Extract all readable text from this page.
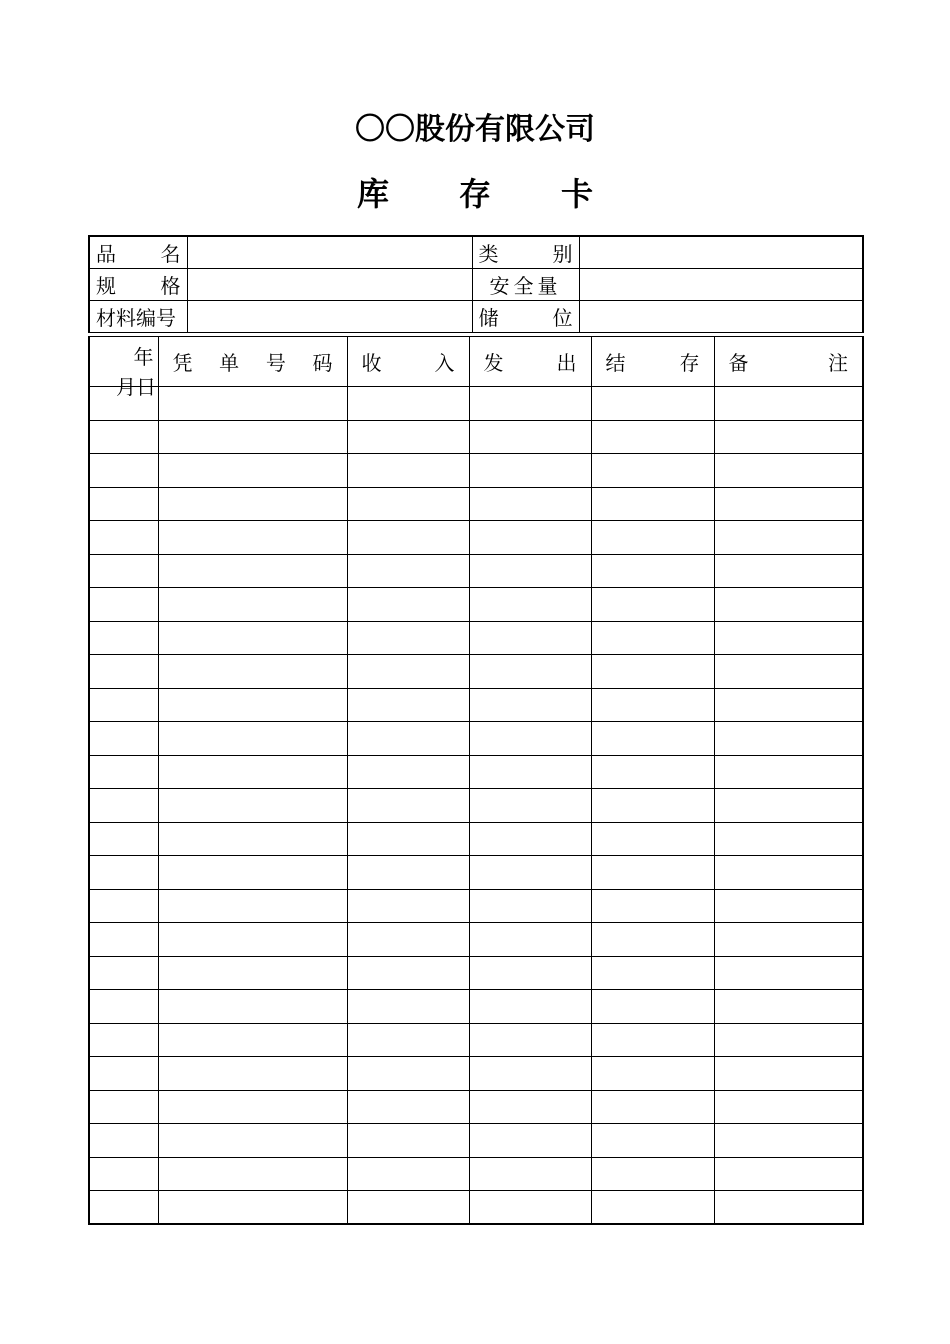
〇〇股份有限公司
库 存 卡
品 名		类 别	

规 格		安全量	
材料编号		储 位	

年
月日	凭 单 号 码	收 入	发 出	结 存	备 注
